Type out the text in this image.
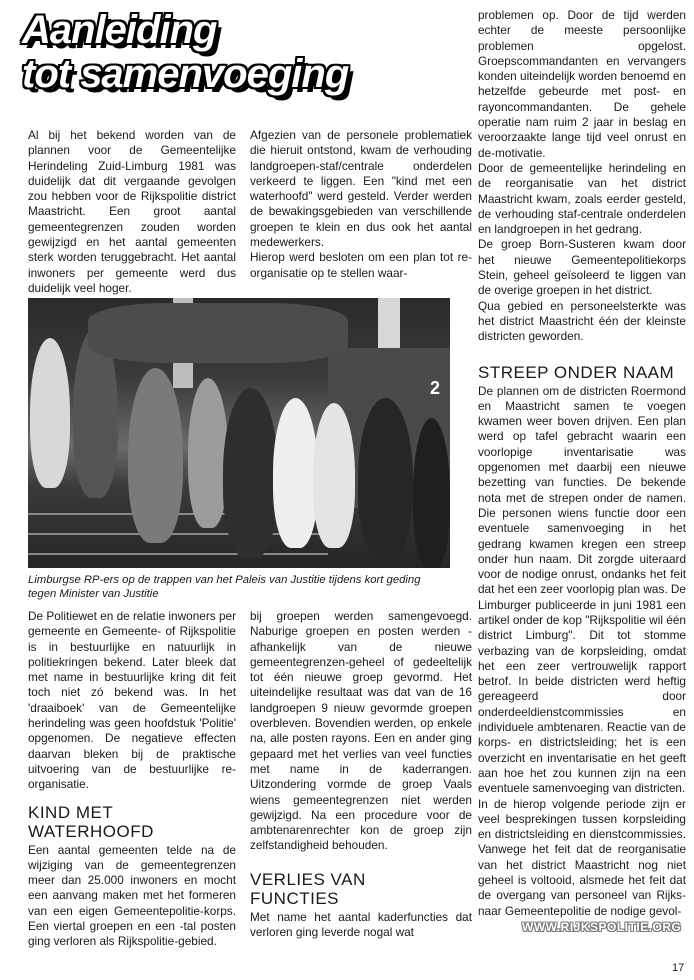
Aanleiding
tot samenvoeging

Al bij het bekend worden van de plannen voor de Gemeentelijke Herindeling Zuid-Limburg 1981 was duidelijk dat dit vergaande gevolgen zou hebben voor de Rijkspolitie district Maastricht. Een groot aantal gemeentegrenzen zouden worden gewijzigd en het aantal gemeenten sterk worden teruggebracht. Het aantal inwoners per gemeente werd dus duidelijk veel hoger.

Afgezien van de personele problematiek die hieruit ontstond, kwam de verhouding landgroepen-staf/centrale onderdelen verkeerd te liggen. Een "kind met een waterhoofd" werd gesteld. Verder werden de bewakingsgebieden van verschillende groepen te klein en dus ook het aantal medewerkers.

Hierop werd besloten om een plan tot re-organisatie op te stellen waar-

2
Limburgse RP-ers op de trappen van het Paleis van Justitie tijdens kort geding tegen Minister van Justitie

De Politiewet en de relatie inwoners per gemeente en Gemeente- of Rijkspolitie is in bestuurlijke en natuurlijk in politiekringen bekend. Later bleek dat met name in bestuurlijke kring dit feit toch niet zó bekend was. In het 'draaiboek' van de Gemeentelijke herindeling was geen hoofdstuk 'Politie' opgenomen. De negatieve effecten daarvan bleken bij de praktische uitvoering van de bestuurlijke re-organisatie.

KIND MET
WATERHOOFD

Een aantal gemeenten telde na de wijziging van de gemeentegrenzen meer dan 25.000 inwoners en mocht een aanvang maken met het formeren van een eigen Gemeentepolitie-korps. Een viertal groepen en een -tal posten ging verloren als Rijkspolitie-gebied.

bij groepen werden samengevoegd. Naburige groepen en posten werden -afhankelijk van de nieuwe gemeentegrenzen-geheel of gedeeltelijk tot één nieuwe groep gevormd. Het uiteindelijke resultaat was dat van de 16 landgroepen 9 nieuw gevormde groepen overbleven. Bovendien werden, op enkele na, alle posten rayons. Een en ander ging gepaard met het verlies van veel functies met name in de kaderrangen. Uitzondering vormde de groep Vaals wiens gemeentegrenzen niet werden gewijzigd. Na een procedure voor de ambtenarenrechter kon de groep zijn zelfstandigheid behouden.

VERLIES VAN
FUNCTIES

Met name het aantal kaderfuncties dat verloren ging leverde nogal wat

problemen op. Door de tijd werden echter de meeste persoonlijke problemen opgelost. Groepscommandanten en vervangers konden uiteindelijk worden benoemd en hetzelfde gebeurde met post- en rayoncommandanten. De gehele operatie nam ruim 2 jaar in beslag en veroorzaakte lange tijd veel onrust en de-motivatie.

Door de gemeentelijke herindeling en de reorganisatie van het district Maastricht kwam, zoals eerder gesteld, de verhouding staf-centrale onderdelen en landgroepen in het gedrang.

De groep Born-Susteren kwam door het nieuwe Gemeentepolitiekorps Stein, geheel geïsoleerd te liggen van de overige groepen in het district.

Qua gebied en personeelsterkte was het district Maastricht één der kleinste districten geworden.

STREEP ONDER NAAM

De plannen om de districten Roermond en Maastricht samen te voegen kwamen weer boven drijven. Een plan werd op tafel gebracht waarin een voorlopige inventarisatie was opgenomen met daarbij een nieuwe bezetting van functies. De bekende nota met de strepen onder de namen. Die personen wiens functie door een eventuele samenvoeging in het gedrang kwamen kregen een streep onder hun naam. Dit zorgde uiteraard voor de nodige onrust, ondanks het feit dat het een zeer voorlopig plan was. De Limburger publiceerde in juni 1981 een artikel onder de kop "Rijkspolitie wil één district Limburg". Dit tot stomme verbazing van de korpsleiding, omdat het een zeer vertrouwelijk rapport betrof. In beide districten werd heftig gereageerd door onderdeeldienstcommissies en individuele ambtenaren. Reactie van de korps- en districtsleiding; het is een overzicht en inventarisatie en het geeft aan hoe het zou kunnen zijn na een eventuele samenvoeging van districten.

In de hierop volgende periode zijn er veel besprekingen tussen korpsleiding en districtsleiding en dienstcommissies. Vanwege het feit dat de reorganisatie van het district Maastricht nog niet geheel is voltooid, alsmede het feit dat de overgang van personeel van Rijks- naar Gemeentepolitie de nodige gevol-

WWW.RIJKSPOLITIE.ORG
17
